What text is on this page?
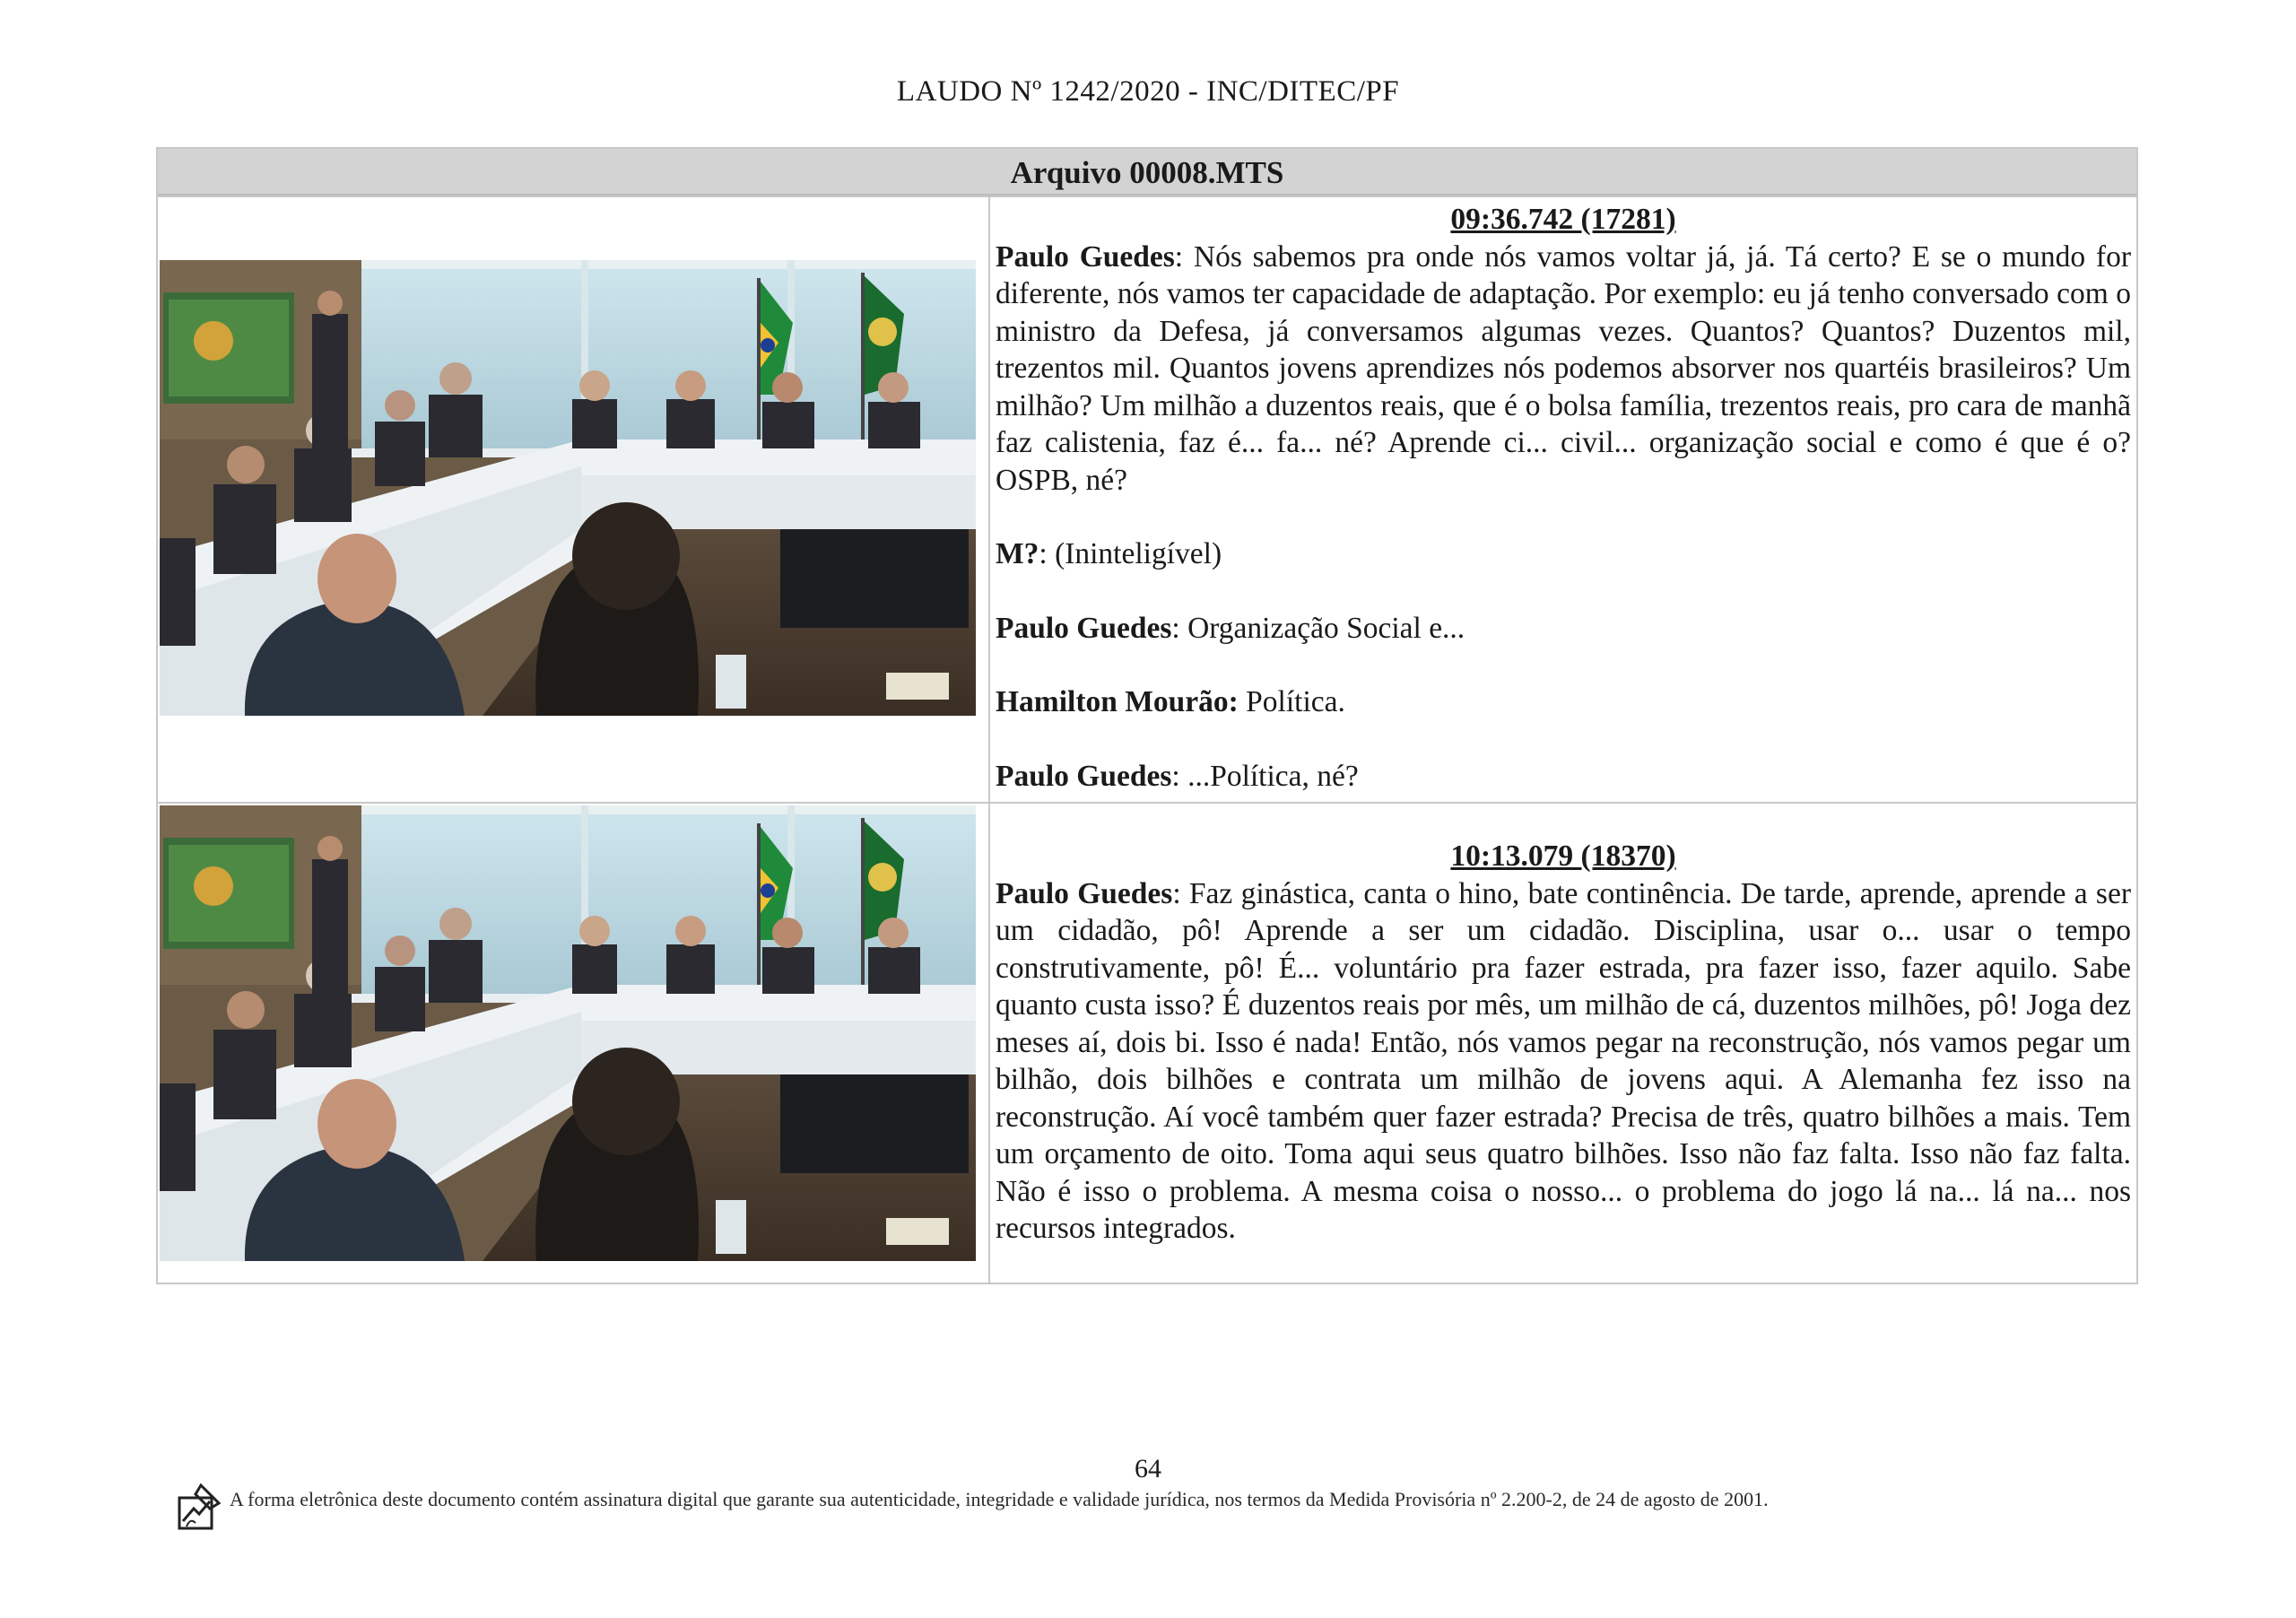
LAUDO Nº 1242/2020 - INC/DITEC/PF
Arquivo 00008.MTS

09:36.742 (17281)

Paulo Guedes: Nós sabemos pra onde nós vamos voltar já, já. Tá certo? E se o mundo for diferente, nós vamos ter capacidade de adaptação. Por exemplo: eu já tenho conversado com o ministro da Defesa, já conversamos algumas vezes. Quantos? Quantos? Duzentos mil, trezentos mil. Quantos jovens aprendizes nós podemos absorver nos quartéis brasileiros? Um milhão? Um milhão a duzentos reais, que é o bolsa família, trezentos reais, pro cara de manhã faz calistenia, faz é... fa... né? Aprende ci... civil... organização social e como é que é o? OSPB, né?

M?: (Ininteligível)

Paulo Guedes: Organização Social e...

Hamilton Mourão: Política.

Paulo Guedes: ...Política, né?

10:13.079 (18370)

Paulo Guedes: Faz ginástica, canta o hino, bate continência. De tarde, aprende, aprende a ser um cidadão, pô! Aprende a ser um cidadão. Disciplina, usar o... usar o tempo construtivamente, pô! É... voluntário pra fazer estrada, pra fazer isso, fazer aquilo. Sabe quanto custa isso? É duzentos reais por mês, um milhão de cá, duzentos milhões, pô! Joga dez meses aí, dois bi. Isso é nada! Então, nós vamos pegar na reconstrução, nós vamos pegar um bilhão, dois bilhões e contrata um milhão de jovens aqui. A Alemanha fez isso na reconstrução. Aí você também quer fazer estrada? Precisa de três, quatro bilhões a mais. Tem um orçamento de oito. Toma aqui seus quatro bilhões. Isso não faz falta. Isso não faz falta. Não é isso o problema. A mesma coisa o nosso... o problema do jogo lá na... lá na... nos recursos integrados.

64
A forma eletrônica deste documento contém assinatura digital que garante sua autenticidade, integridade e validade jurídica, nos termos da Medida Provisória nº 2.200-2, de 24 de agosto de 2001.
